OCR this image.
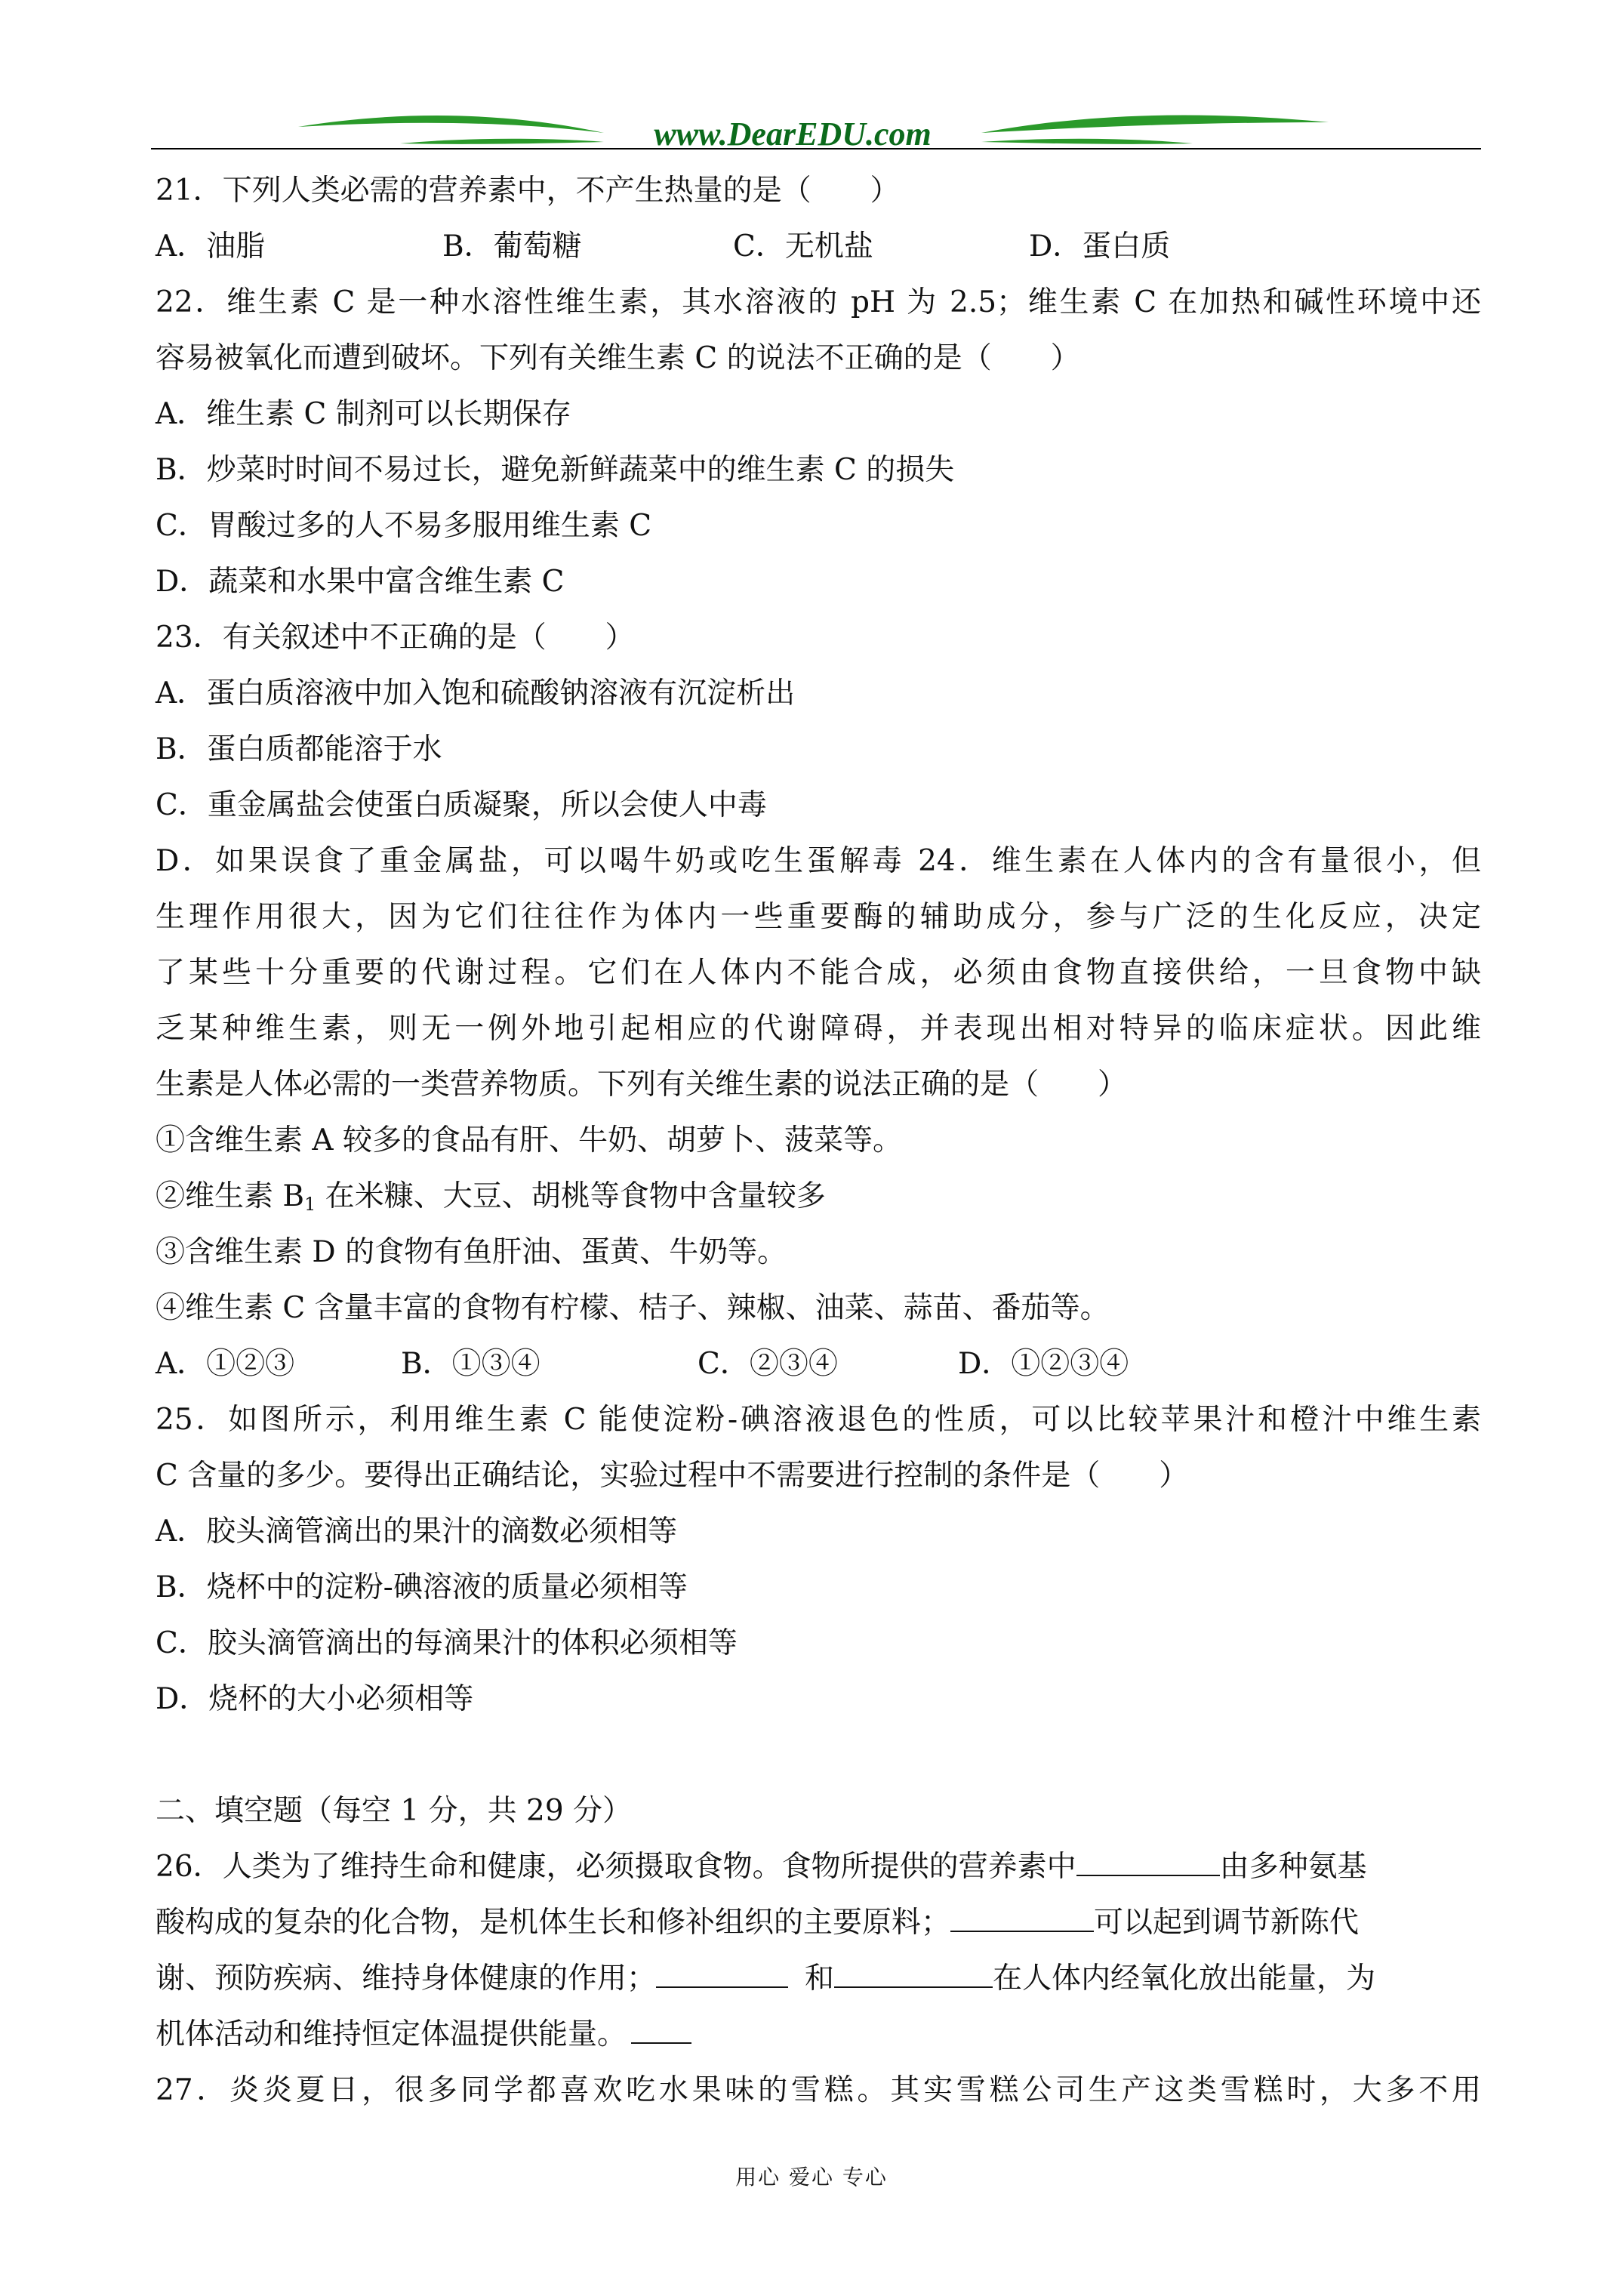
www.DearEDU.com
21．下列人类必需的营养素中，不产生热量的是（　　）
A．油脂	B．葡萄糖	C．无机盐	D．蛋白质
22．维生素 C 是一种水溶性维生素，其水溶液的 pH 为 2.5；维生素 C 在加热和碱性环境中还
容易被氧化而遭到破坏。下列有关维生素 C 的说法不正确的是（　　）
A．维生素 C 制剂可以长期保存
B．炒菜时时间不易过长，避免新鲜蔬菜中的维生素 C 的损失
C．胃酸过多的人不易多服用维生素 C
D．蔬菜和水果中富含维生素 C
23．有关叙述中不正确的是（　　）
A．蛋白质溶液中加入饱和硫酸钠溶液有沉淀析出
B．蛋白质都能溶于水
C．重金属盐会使蛋白质凝聚，所以会使人中毒
D．如果误食了重金属盐，可以喝牛奶或吃生蛋解毒 24．维生素在人体内的含有量很小，但
生理作用很大，因为它们往往作为体内一些重要酶的辅助成分，参与广泛的生化反应，决定
了某些十分重要的代谢过程。它们在人体内不能合成，必须由食物直接供给，一旦食物中缺
乏某种维生素，则无一例外地引起相应的代谢障碍，并表现出相对特异的临床症状。因此维
生素是人体必需的一类营养物质。下列有关维生素的说法正确的是（　　）
①含维生素 A 较多的食品有肝、牛奶、胡萝卜、菠菜等。
②维生素 $B_1$ 在米糠、大豆、胡桃等食物中含量较多
③含维生素 D 的食物有鱼肝油、蛋黄、牛奶等。
④维生素 C 含量丰富的食物有柠檬、桔子、辣椒、油菜、蒜苗、番茄等。
A．①②③	B．①③④	C．②③④	D．①②③④
25．如图所示，利用维生素 C 能使淀粉-碘溶液退色的性质，可以比较苹果汁和橙汁中维生素
C 含量的多少。要得出正确结论，实验过程中不需要进行控制的条件是（　　）
A．胶头滴管滴出的果汁的滴数必须相等
B．烧杯中的淀粉-碘溶液的质量必须相等
C．胶头滴管滴出的每滴果汁的体积必须相等
D．烧杯的大小必须相等
二、填空题（每空 1 分，共 29 分）
26．人类为了维持生命和健康，必须摄取食物。食物所提供的营养素中	由多种氨基
酸构成的复杂的化合物，是机体生长和修补组织的主要原料；	可以起到调节新陈代
谢、预防疾病、维持身体健康的作用；	和	在人体内经氧化放出能量，为
机体活动和维持恒定体温提供能量。
27．炎炎夏日，很多同学都喜欢吃水果味的雪糕。其实雪糕公司生产这类雪糕时，大多不用
用心 爱心 专心
